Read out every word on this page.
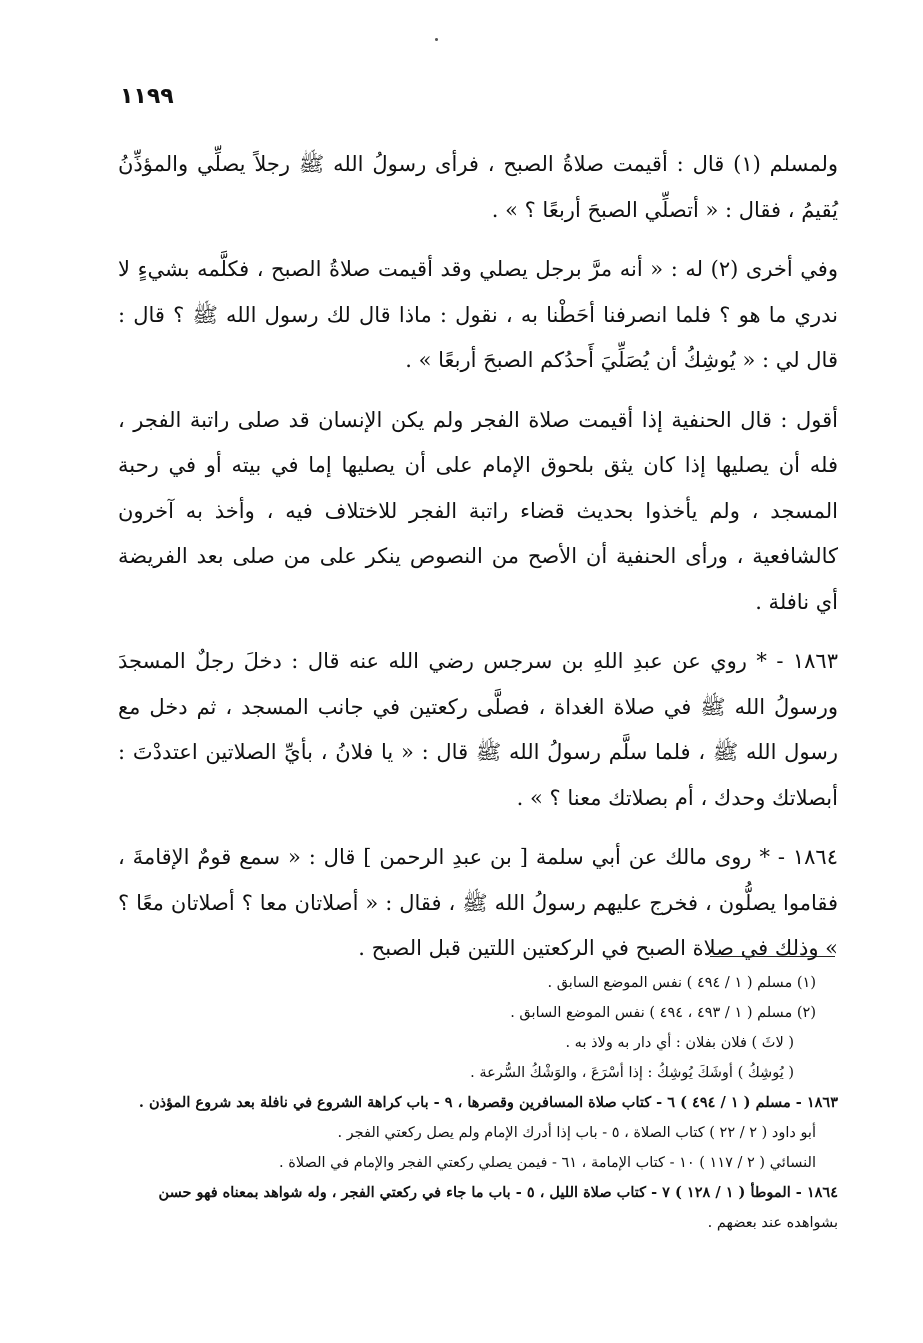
١١٩٩

ولمسلم (١) قال : أقيمت صلاةُ الصبح ، فرأى رسولُ الله ﷺ رجلاً يصلِّي والمؤذِّنُ يُقيمُ ، فقال : « أتصلِّي الصبحَ أربعًا ؟ » .

وفي أخرى (٢) له : « أنه مرَّ برجل يصلي وقد أقيمت صلاةُ الصبح ، فكلَّمه بشيءٍ لا ندري ما هو ؟ فلما انصرفنا أحَطْنا به ، نقول : ماذا قال لك رسول الله ﷺ ؟ قال : قال لي : « يُوشِكُ أن يُصَلِّيَ أَحدُكم الصبحَ أربعًا » .

أقول : قال الحنفية إذا أقيمت صلاة الفجر ولم يكن الإنسان قد صلى راتبة الفجر ، فله أن يصليها إذا كان يثق بلحوق الإمام على أن يصليها إما في بيته أو في رحبة المسجد ، ولم يأخذوا بحديث قضاء راتبة الفجر للاختلاف فيه ، وأخذ به آخرون كالشافعية ، ورأى الحنفية أن الأصح من النصوص ينكر على من صلى بعد الفريضة أي نافلة .

١٨٦٣ - * روي عن عبدِ اللهِ بن سرجس رضي الله عنه قال : دخلَ رجلٌ المسجدَ ورسولُ الله ﷺ في صلاة الغداة ، فصلَّى ركعتين في جانب المسجد ، ثم دخل مع رسول الله ﷺ ، فلما سلَّم رسولُ الله ﷺ قال : « يا فلانُ ، بأيِّ الصلاتين اعتددْتَ : أبصلاتك وحدك ، أم بصلاتك معنا ؟ » .

١٨٦٤ - * روى مالك عن أبي سلمة [ بن عبدِ الرحمن ] قال : « سمع قومٌ الإقامةَ ، فقاموا يصلُّون ، فخرج عليهم رسولُ الله ﷺ ، فقال : « أصلاتان معا ؟ أصلاتان معًا ؟ » وذلك في صلاة الصبح في الركعتين اللتين قبل الصبح .

(١) مسلم ( ١ / ٤٩٤ ) نفس الموضع السابق .
(٢) مسلم ( ١ / ٤٩٣ ، ٤٩٤ ) نفس الموضع السابق .
( لاثَ ) فلان بفلان : أي دار به ولاذ به .
( يُوشِكُ ) أوشَكَ يُوشِكُ : إذا أسْرَعَ ، والوَشْكُ السُّرعة .
١٨٦٣ - مسلم ( ١ / ٤٩٤ ) ٦ - كتاب صلاة المسافرين وقصرها ، ٩ - باب كراهة الشروع في نافلة بعد شروع المؤذن .
أبو داود ( ٢ / ٢٢ ) كتاب الصلاة ، ٥ - باب إذا أدرك الإمام ولم يصل ركعتي الفجر .
النسائي ( ٢ / ١١٧ ) ١٠ - كتاب الإمامة ، ٦١ - فيمن يصلي ركعتي الفجر والإمام في الصلاة .
١٨٦٤ - الموطأ ( ١ / ١٢٨ ) ٧ - كتاب صلاة الليل ، ٥ - باب ما جاء في ركعتي الفجر ، وله شواهد بمعناه فهو حسن
بشواهده عند بعضهم .
